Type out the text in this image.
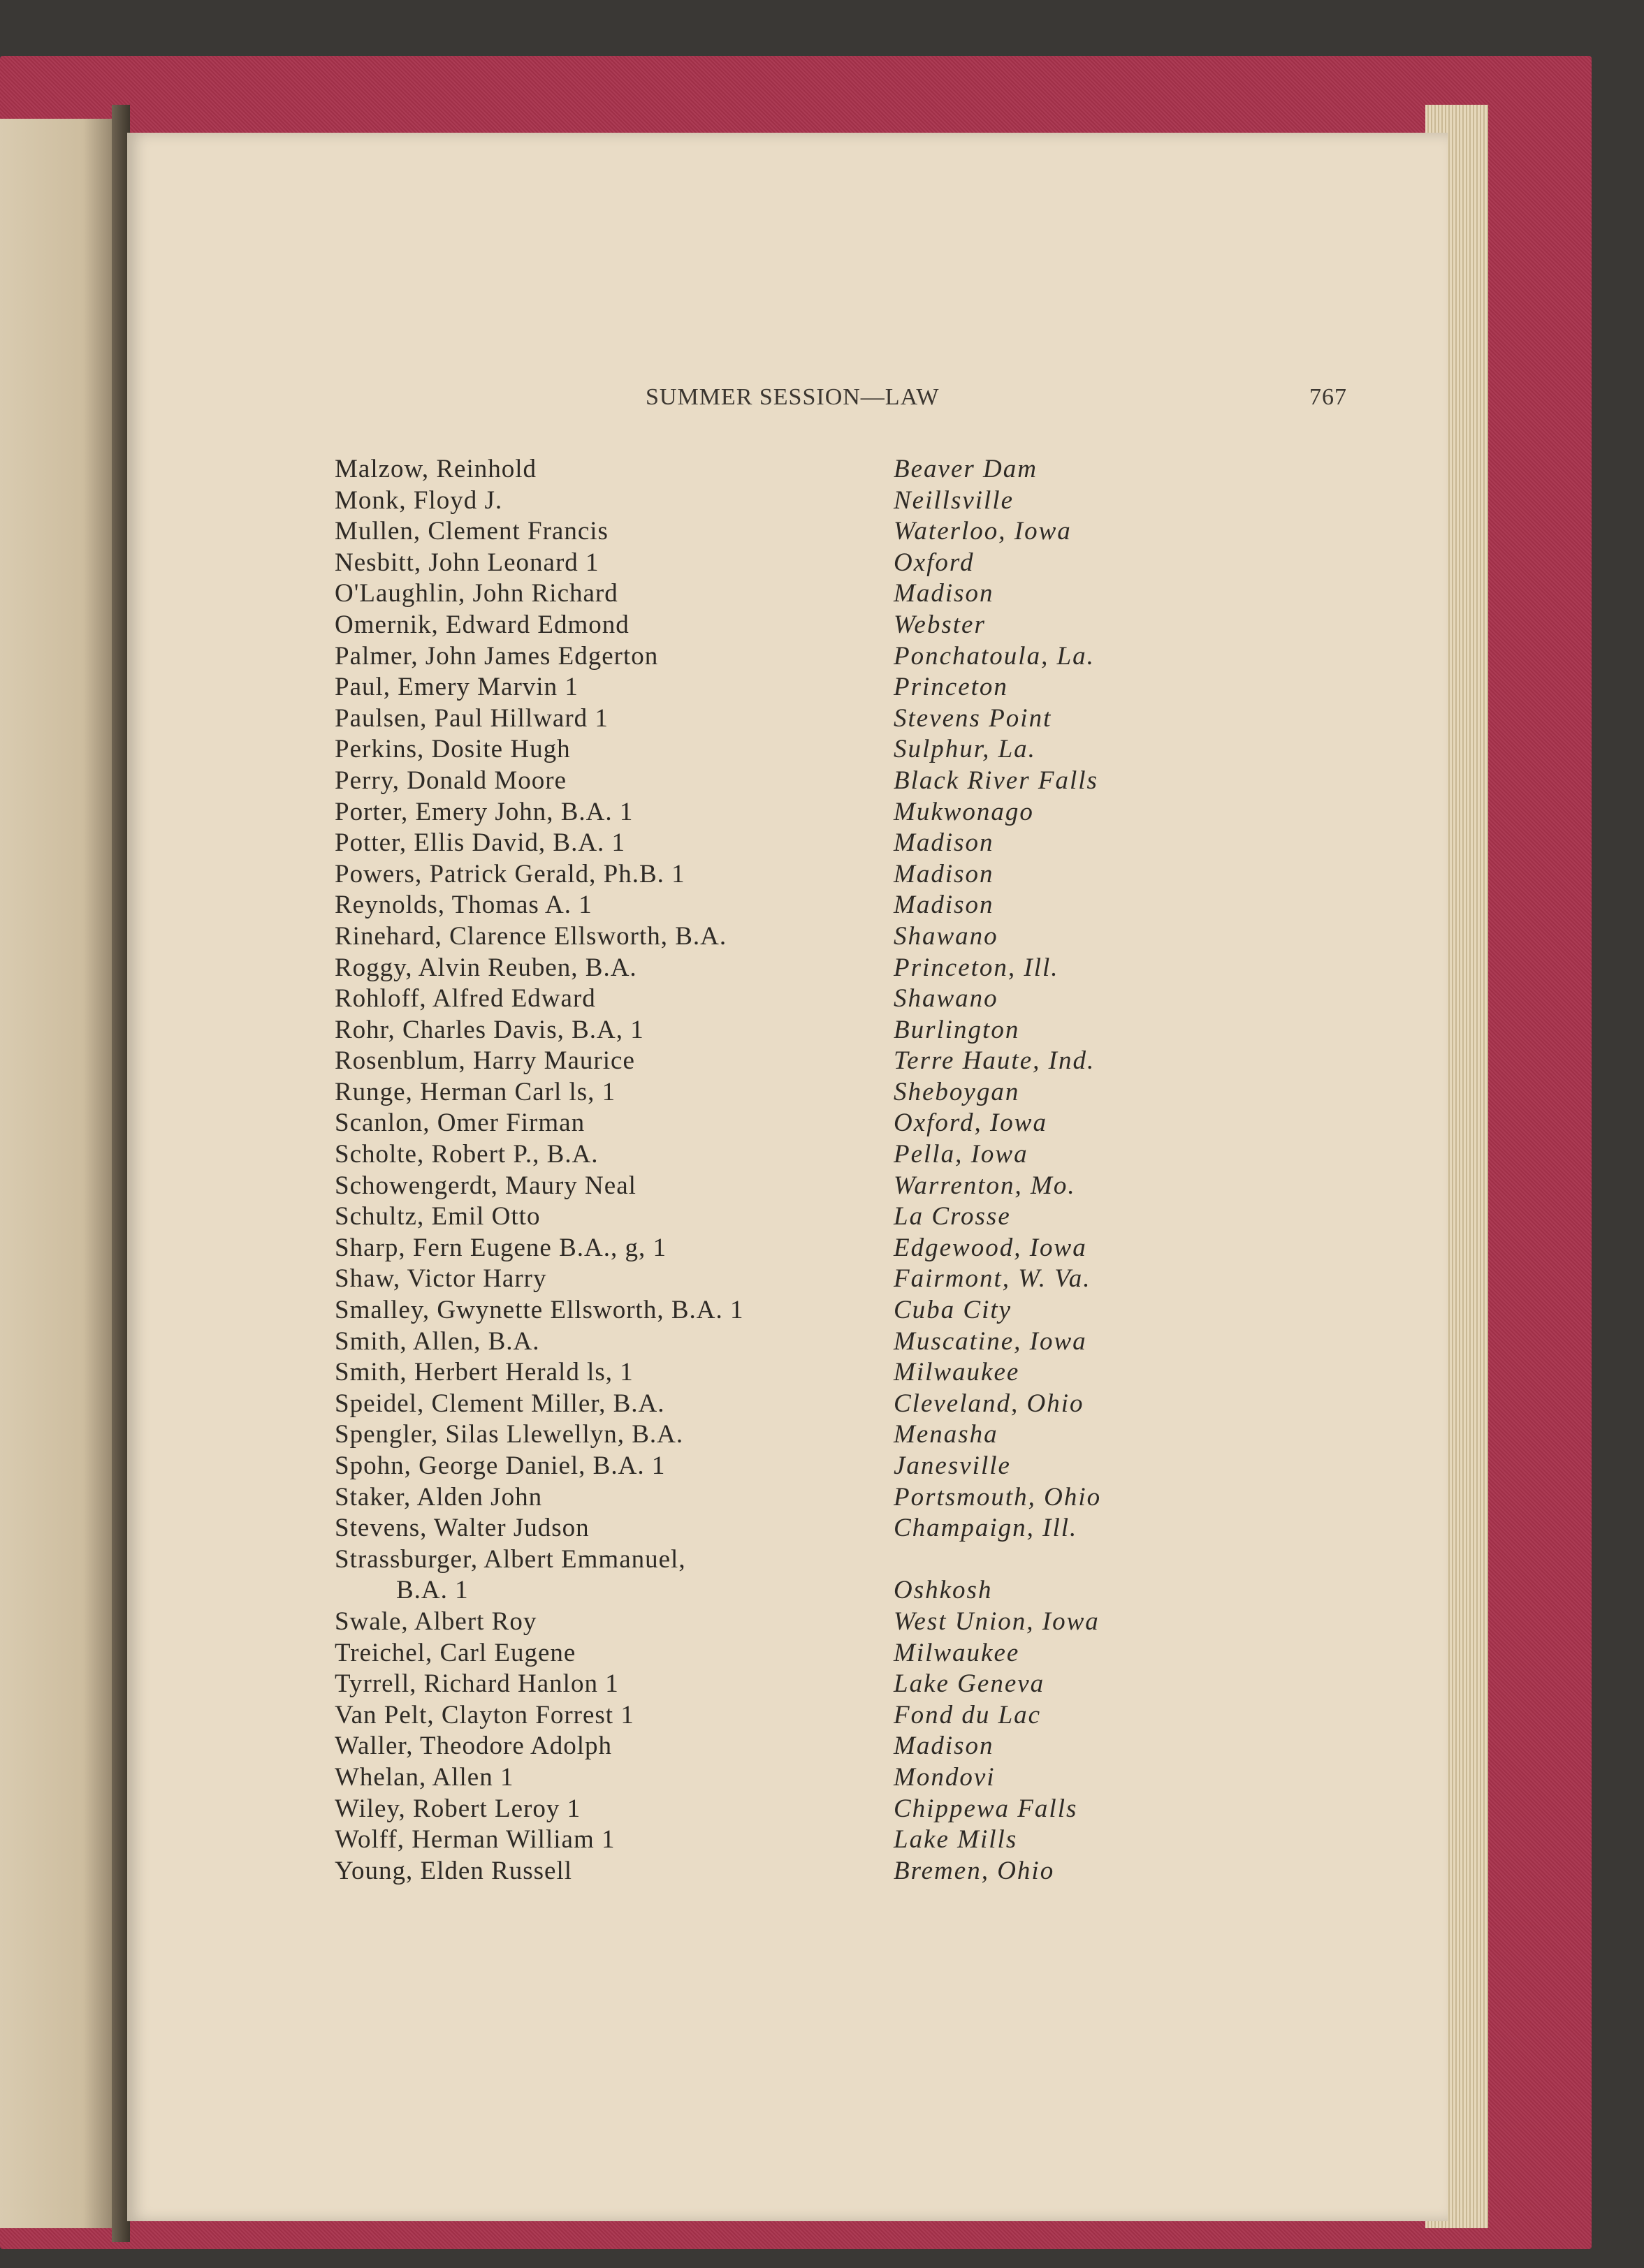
SUMMER SESSION—LAW	767
Malzow, Reinhold	Beaver Dam
Monk, Floyd J.	Neillsville
Mullen, Clement Francis	Waterloo, Iowa
Nesbitt, John Leonard 1	Oxford
O'Laughlin, John Richard	Madison
Omernik, Edward Edmond	Webster
Palmer, John James Edgerton	Ponchatoula, La.
Paul, Emery Marvin 1	Princeton
Paulsen, Paul Hillward 1	Stevens Point
Perkins, Dosite Hugh	Sulphur, La.
Perry, Donald Moore	Black River Falls
Porter, Emery John, B.A. 1	Mukwonago
Potter, Ellis David, B.A. 1	Madison
Powers, Patrick Gerald, Ph.B. 1	Madison
Reynolds, Thomas A. 1	Madison
Rinehard, Clarence Ellsworth, B.A.	Shawano
Roggy, Alvin Reuben, B.A.	Princeton, Ill.
Rohloff, Alfred Edward	Shawano
Rohr, Charles Davis, B.A, 1	Burlington
Rosenblum, Harry Maurice	Terre Haute, Ind.
Runge, Herman Carl ls, 1	Sheboygan
Scanlon, Omer Firman	Oxford, Iowa
Scholte, Robert P., B.A.	Pella, Iowa
Schowengerdt, Maury Neal	Warrenton, Mo.
Schultz, Emil Otto	La Crosse
Sharp, Fern Eugene B.A., g, 1	Edgewood, Iowa
Shaw, Victor Harry	Fairmont, W. Va.
Smalley, Gwynette Ellsworth, B.A. 1	Cuba City
Smith, Allen, B.A.	Muscatine, Iowa
Smith, Herbert Herald ls, 1	Milwaukee
Speidel, Clement Miller, B.A.	Cleveland, Ohio
Spengler, Silas Llewellyn, B.A.	Menasha
Spohn, George Daniel, B.A. 1	Janesville
Staker, Alden John	Portsmouth, Ohio
Stevens, Walter Judson	Champaign, Ill.
Strassburger, Albert Emmanuel,
B.A. 1	Oshkosh
Swale, Albert Roy	West Union, Iowa
Treichel, Carl Eugene	Milwaukee
Tyrrell, Richard Hanlon 1	Lake Geneva
Van Pelt, Clayton Forrest 1	Fond du Lac
Waller, Theodore Adolph	Madison
Whelan, Allen 1	Mondovi
Wiley, Robert Leroy 1	Chippewa Falls
Wolff, Herman William 1	Lake Mills
Young, Elden Russell	Bremen, Ohio
